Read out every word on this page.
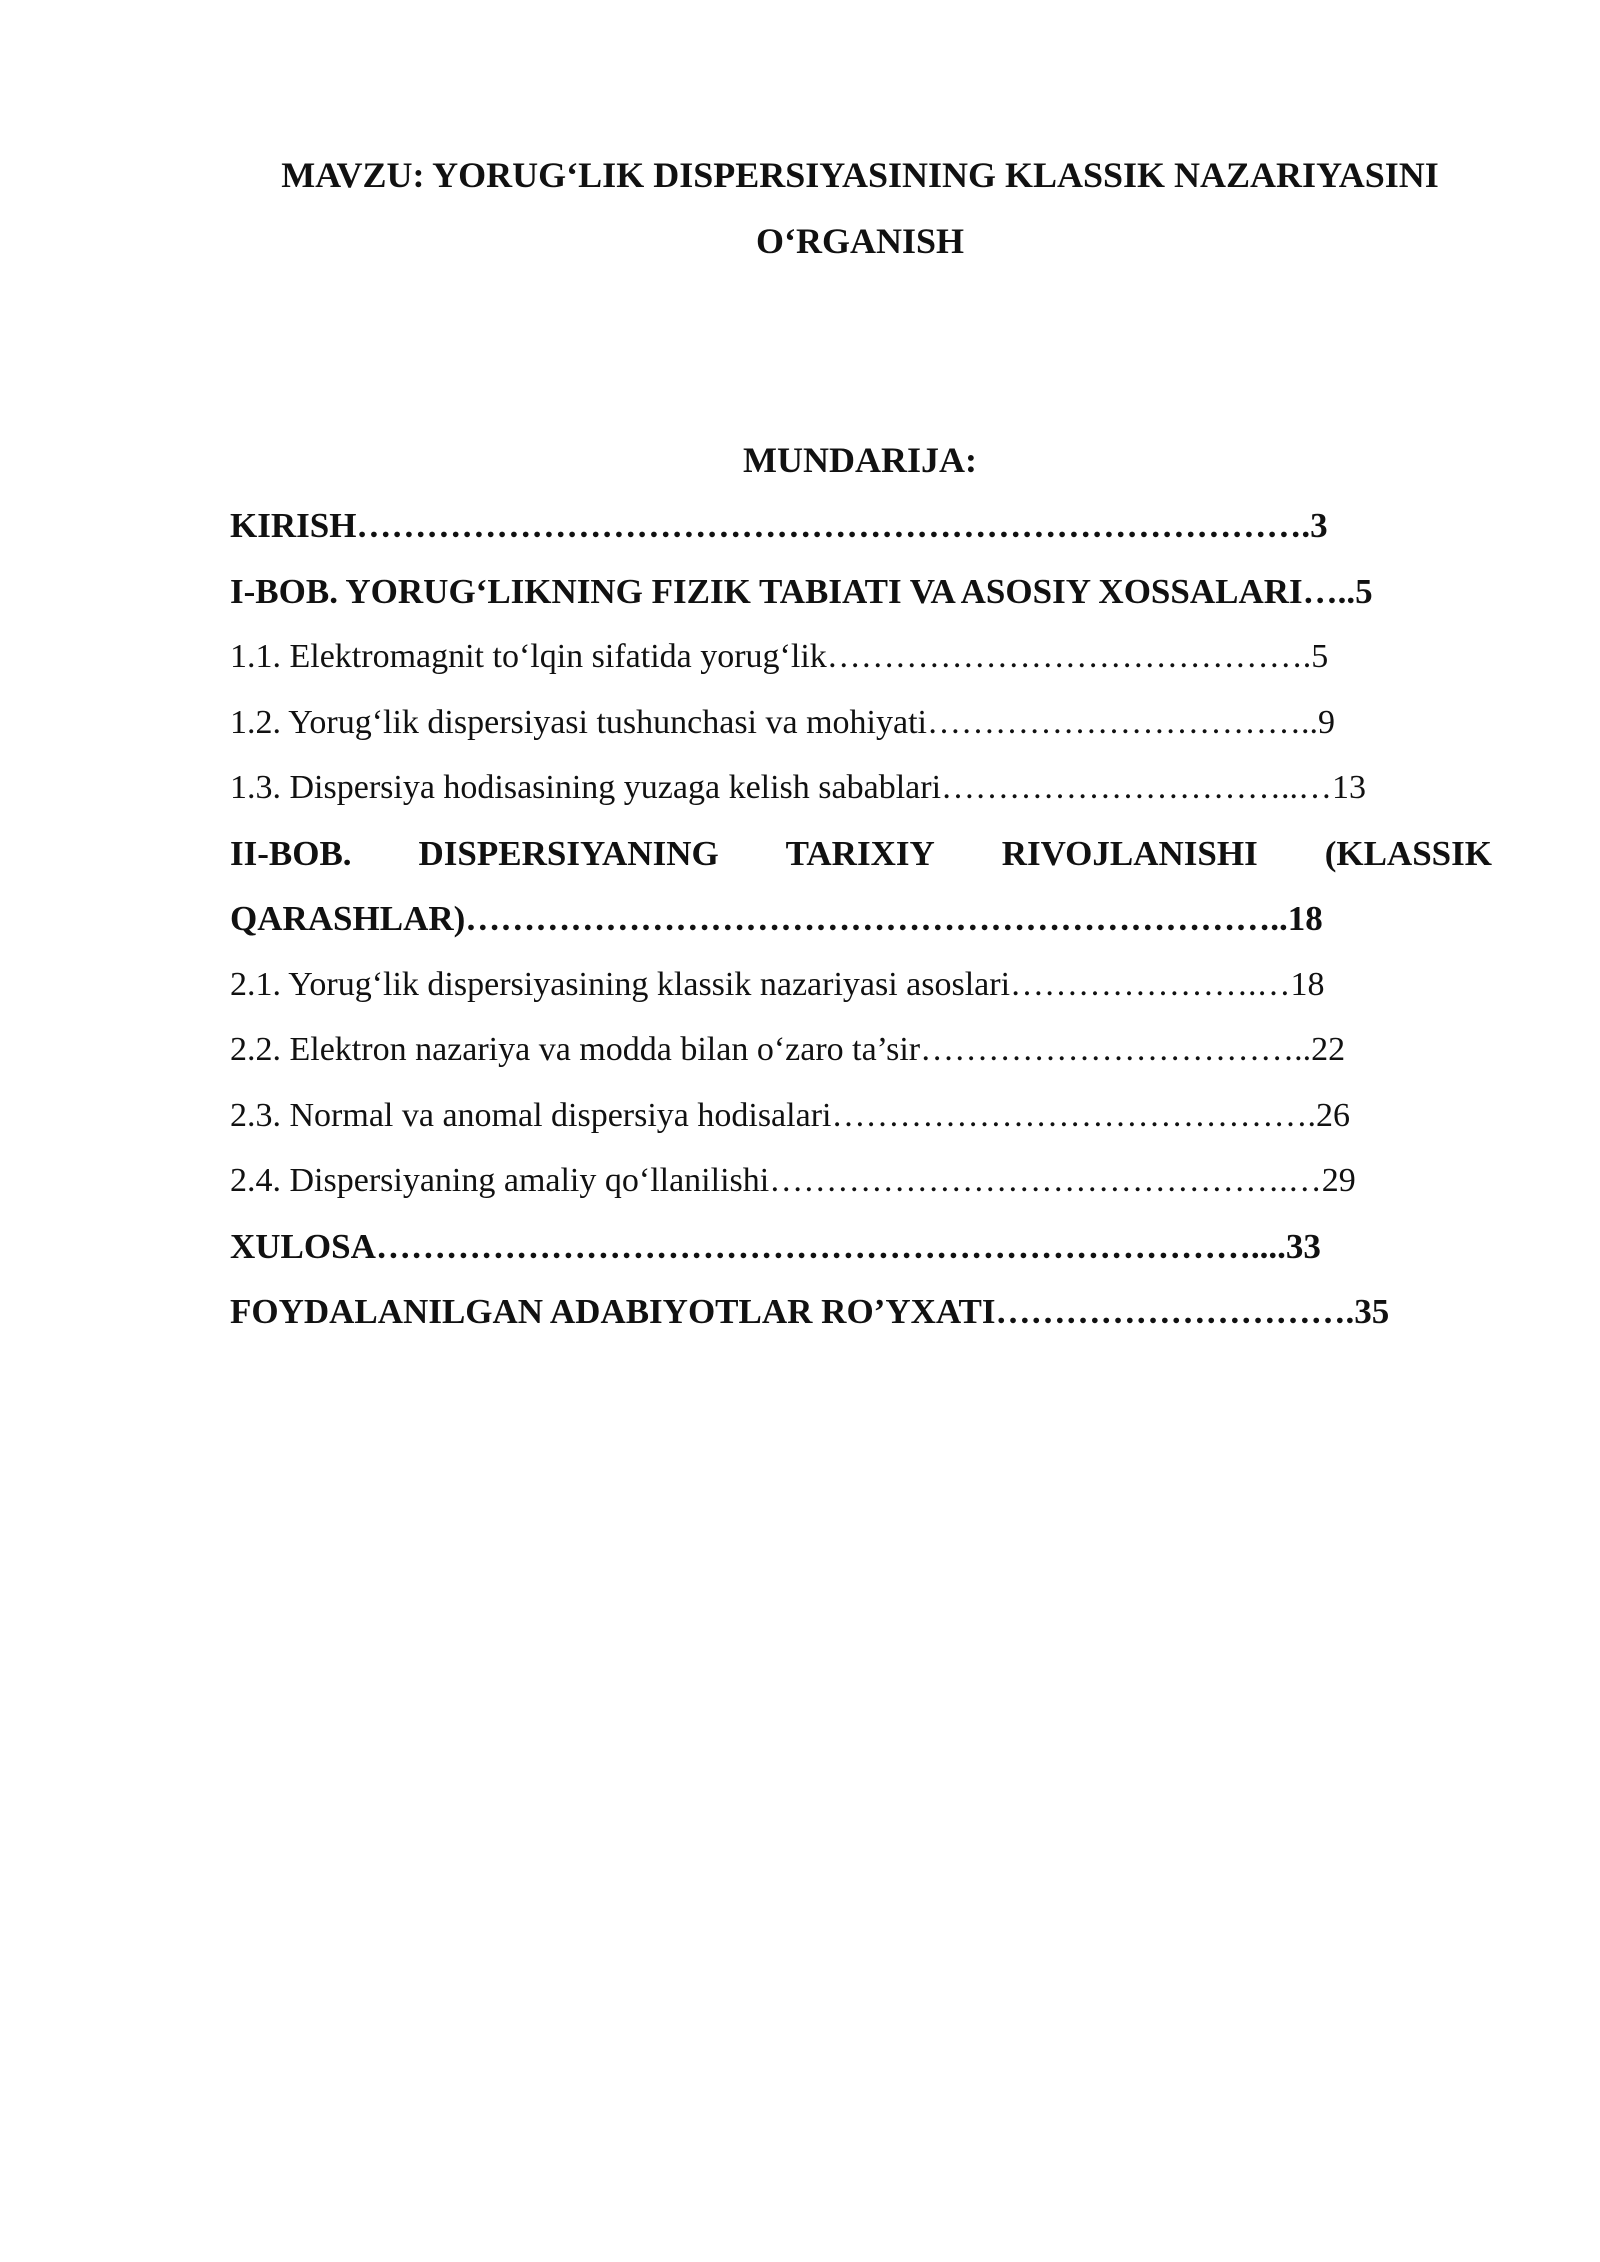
MAVZU: YORUG‘LIK DISPERSIYASINING KLASSIK NAZARIYASINI
O‘RGANISH
MUNDARIJA:
KIRISH……………………………………………………………………….3
I-BOB. YORUG‘LIKNING FIZIK TABIATI VA ASOSIY XOSSALARI…..5
1.1. Elektromagnit to‘lqin sifatida yorug‘lik…………………………………….5
1.2. Yorug‘lik dispersiyasi tushunchasi va mohiyati……………………………..9
1.3. Dispersiya hodisasining yuzaga kelish sabablari…………………………..…13
II-BOB. DISPERSIYANING TARIXIY RIVOJLANISHI (KLASSIK
QARASHLAR)……………………………………………………………..18
2.1. Yorug‘lik dispersiyasining klassik nazariyasi asoslari………………….…18
2.2. Elektron nazariya va modda bilan o‘zaro ta’sir……………………………..22
2.3. Normal va anomal dispersiya hodisalari…………………………………….26
2.4. Dispersiyaning amaliy qo‘llanilishi……………………………………….…29
XULOSA…………………………………………………………………....33
FOYDALANILGAN ADABIYOTLAR RO’YXATI………………………….35
